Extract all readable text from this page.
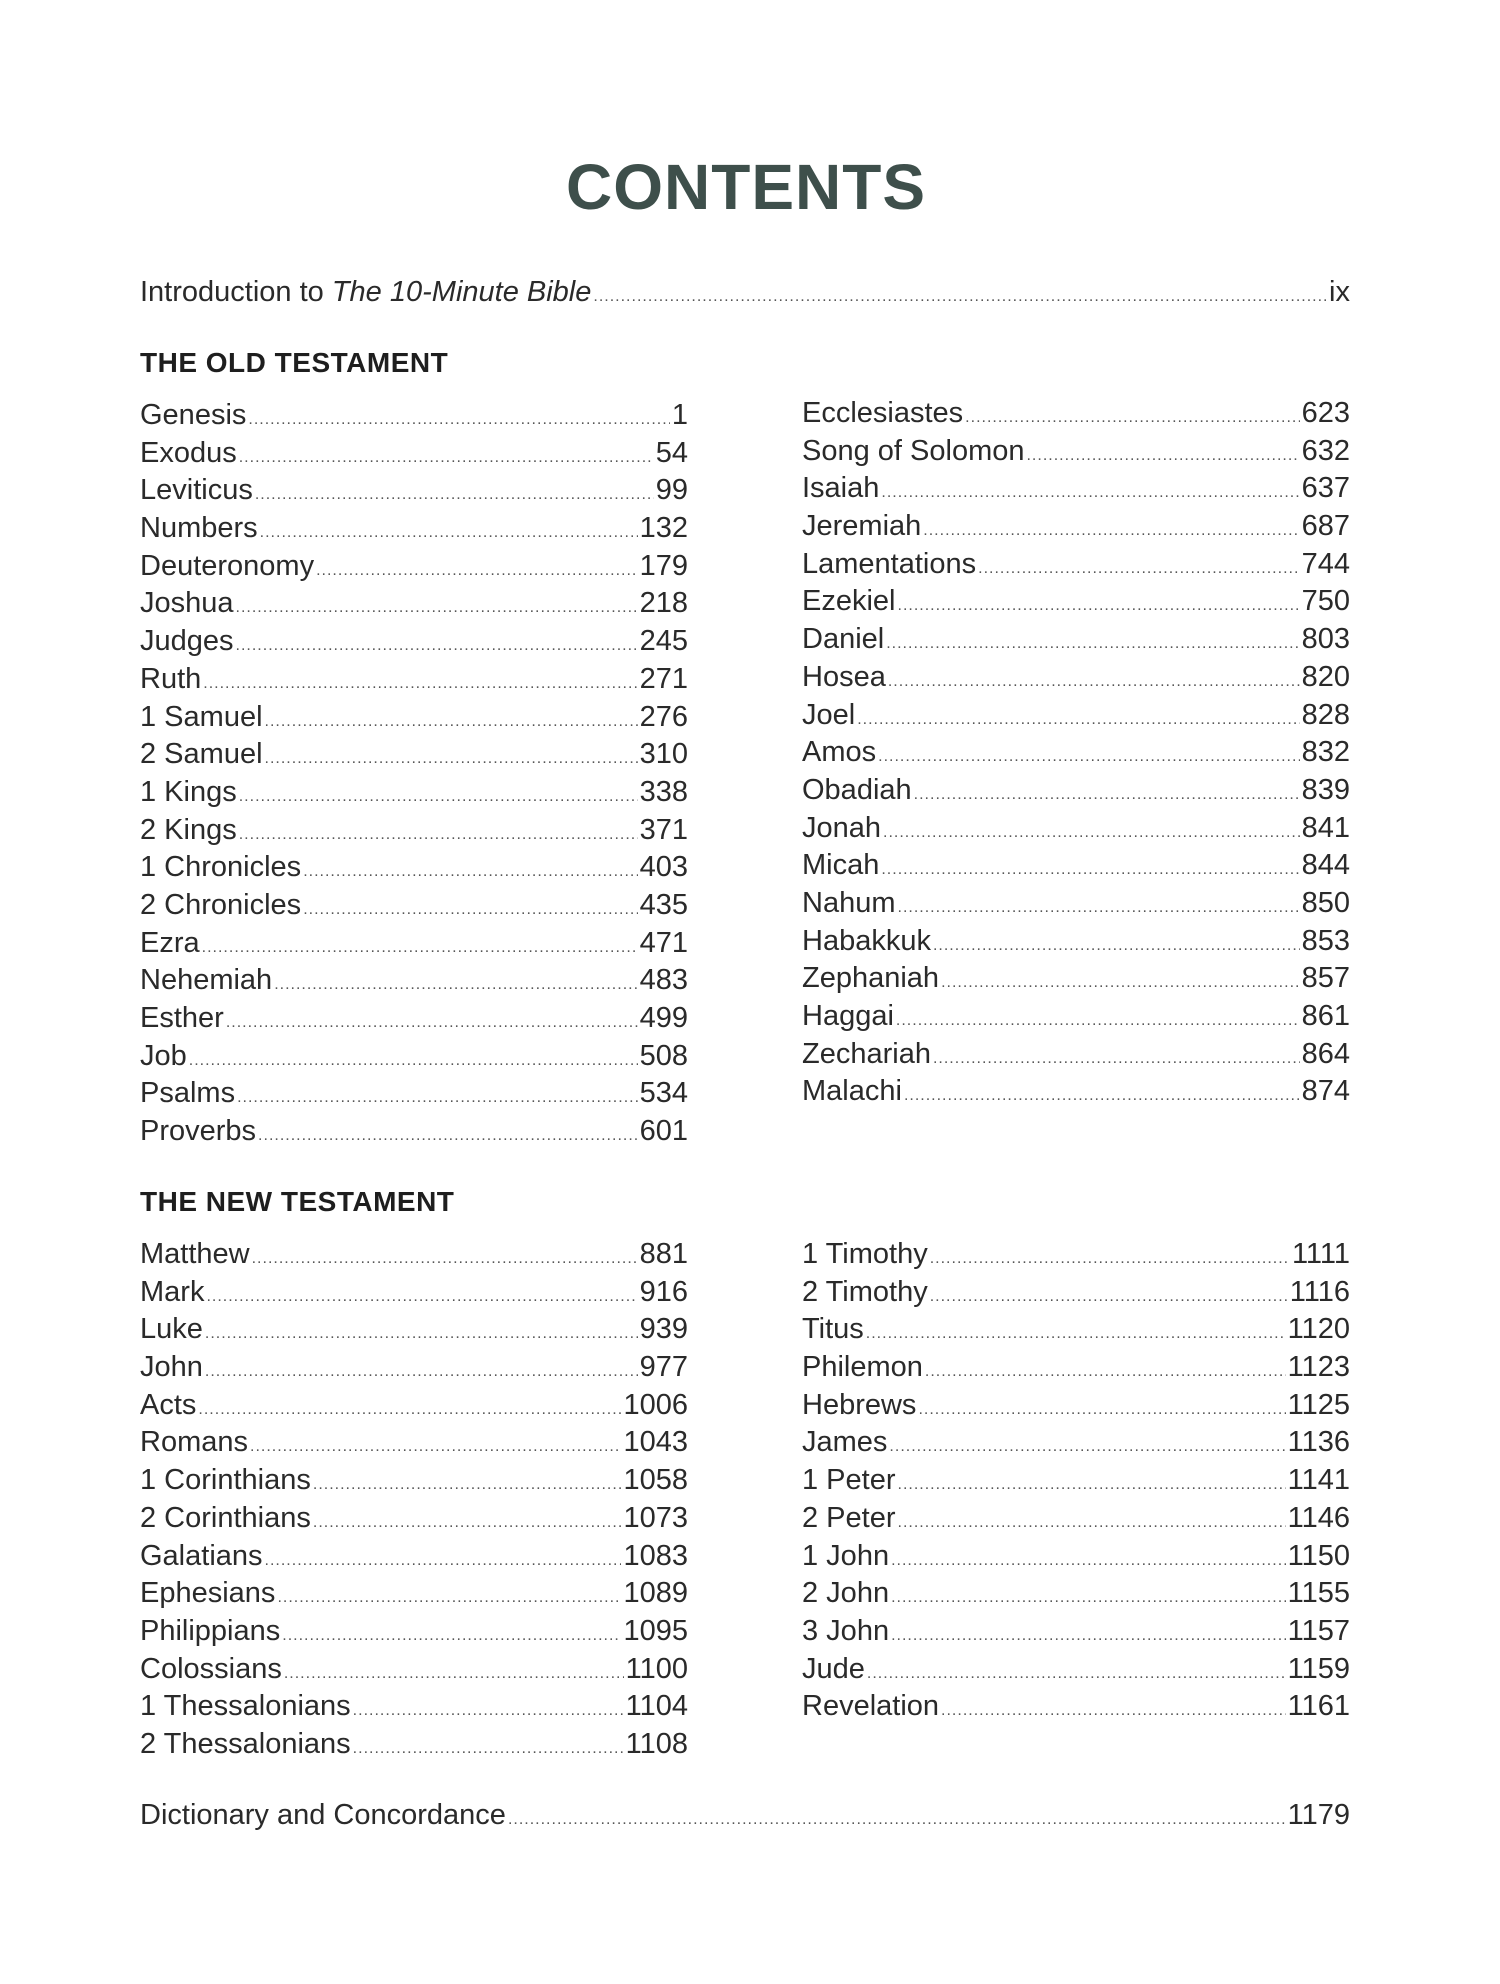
CONTENTS
Introduction to The 10-Minute Bible .....	ix
THE OLD TESTAMENT
Genesis .....	1
Exodus .....	54
Leviticus .....	99
Numbers .....	132
Deuteronomy .....	179
Joshua .....	218
Judges .....	245
Ruth .....	271
1 Samuel .....	276
2 Samuel .....	310
1 Kings .....	338
2 Kings .....	371
1 Chronicles .....	403
2 Chronicles .....	435
Ezra .....	471
Nehemiah .....	483
Esther .....	499
Job .....	508
Psalms .....	534
Proverbs .....	601
Ecclesiastes .....	623
Song of Solomon .....	632
Isaiah .....	637
Jeremiah .....	687
Lamentations .....	744
Ezekiel .....	750
Daniel .....	803
Hosea .....	820
Joel .....	828
Amos .....	832
Obadiah .....	839
Jonah .....	841
Micah .....	844
Nahum .....	850
Habakkuk .....	853
Zephaniah .....	857
Haggai .....	861
Zechariah .....	864
Malachi .....	874
THE NEW TESTAMENT
Matthew .....	881
Mark .....	916
Luke .....	939
John .....	977
Acts .....	1006
Romans .....	1043
1 Corinthians .....	1058
2 Corinthians .....	1073
Galatians .....	1083
Ephesians .....	1089
Philippians .....	1095
Colossians .....	1100
1 Thessalonians .....	1104
2 Thessalonians .....	1108
1 Timothy .....	1111
2 Timothy .....	1116
Titus .....	1120
Philemon .....	1123
Hebrews .....	1125
James .....	1136
1 Peter .....	1141
2 Peter .....	1146
1 John .....	1150
2 John .....	1155
3 John .....	1157
Jude .....	1159
Revelation .....	1161
Dictionary and Concordance .....	1179
